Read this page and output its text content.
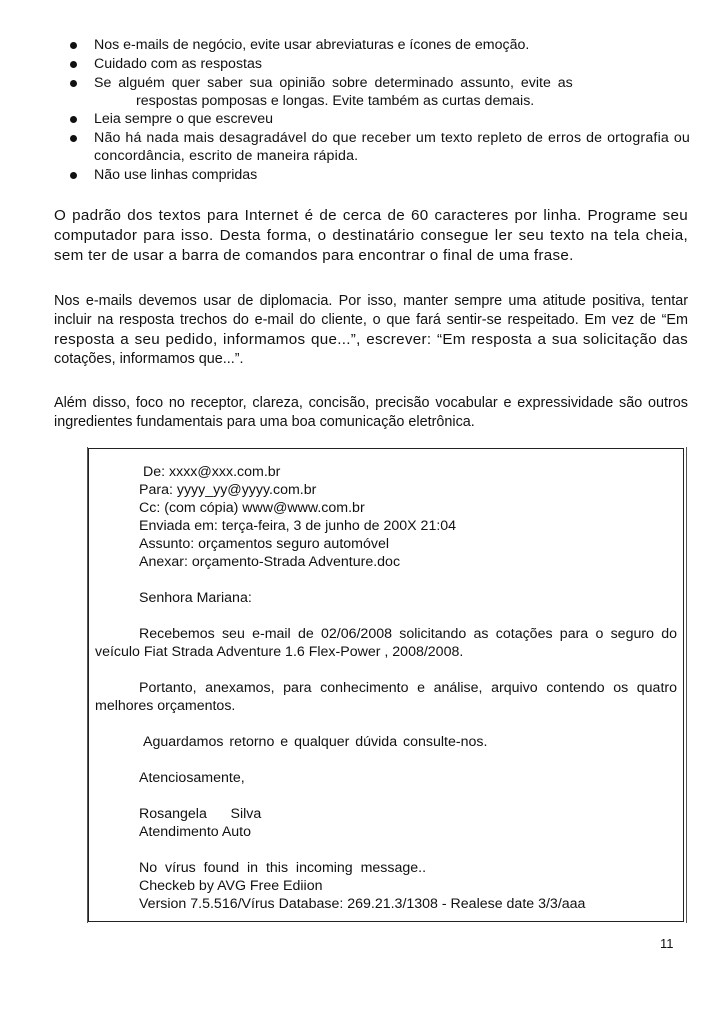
Nos e-mails de negócio, evite usar abreviaturas e ícones de emoção.
Cuidado com as respostas
Se alguém quer saber sua opinião sobre determinado assunto, evite as
respostas pomposas e longas. Evite também as curtas demais.
Leia sempre o que escreveu
Não há nada mais desagradável do que receber um texto repleto de erros de ortografia ou concordância, escrito de maneira rápida.
Não use linhas compridas

O padrão dos textos para Internet é de cerca de 60 caracteres por linha. Programe seu computador para isso. Desta forma, o destinatário consegue ler seu texto na tela cheia, sem ter de usar a barra de comandos para encontrar o final de uma frase.

Nos e-mails devemos usar de diplomacia. Por isso, manter sempre uma atitude positiva, tentar incluir na resposta trechos do e-mail do cliente, o que fará sentir-se respeitado. Em vez de “Em resposta a seu pedido, informamos que...”, escrever: “Em resposta a sua solicitação das cotações, informamos que...”.

Além disso, foco no receptor, clareza, concisão, precisão vocabular e expressividade são outros ingredientes fundamentais para uma boa comunicação eletrônica.

De: xxxx@xxx.com.br
Para: yyyy_yy@yyyy.com.br
Cc: (com cópia) www@www.com.br
Enviada em: terça-feira, 3 de junho de 200X 21:04
Assunto: orçamentos seguro automóvel
Anexar: orçamento-Strada Adventure.doc
Senhora Mariana:
Recebemos seu e-mail de 02/06/2008 solicitando as cotações para o seguro do veículo Fiat Strada Adventure 1.6 Flex-Power , 2008/2008.
Portanto, anexamos, para conhecimento e análise, arquivo contendo os quatro melhores orçamentos.
Aguardamos retorno e qualquer dúvida consulte-nos.
Atenciosamente,
Rosangela      Silva
Atendimento Auto
No  vírus  found  in  this  incoming  message..
Checkeb by AVG Free Ediion
Version 7.5.516/Vírus Database: 269.21.3/1308 - Realese date 3/3/aaa
11
